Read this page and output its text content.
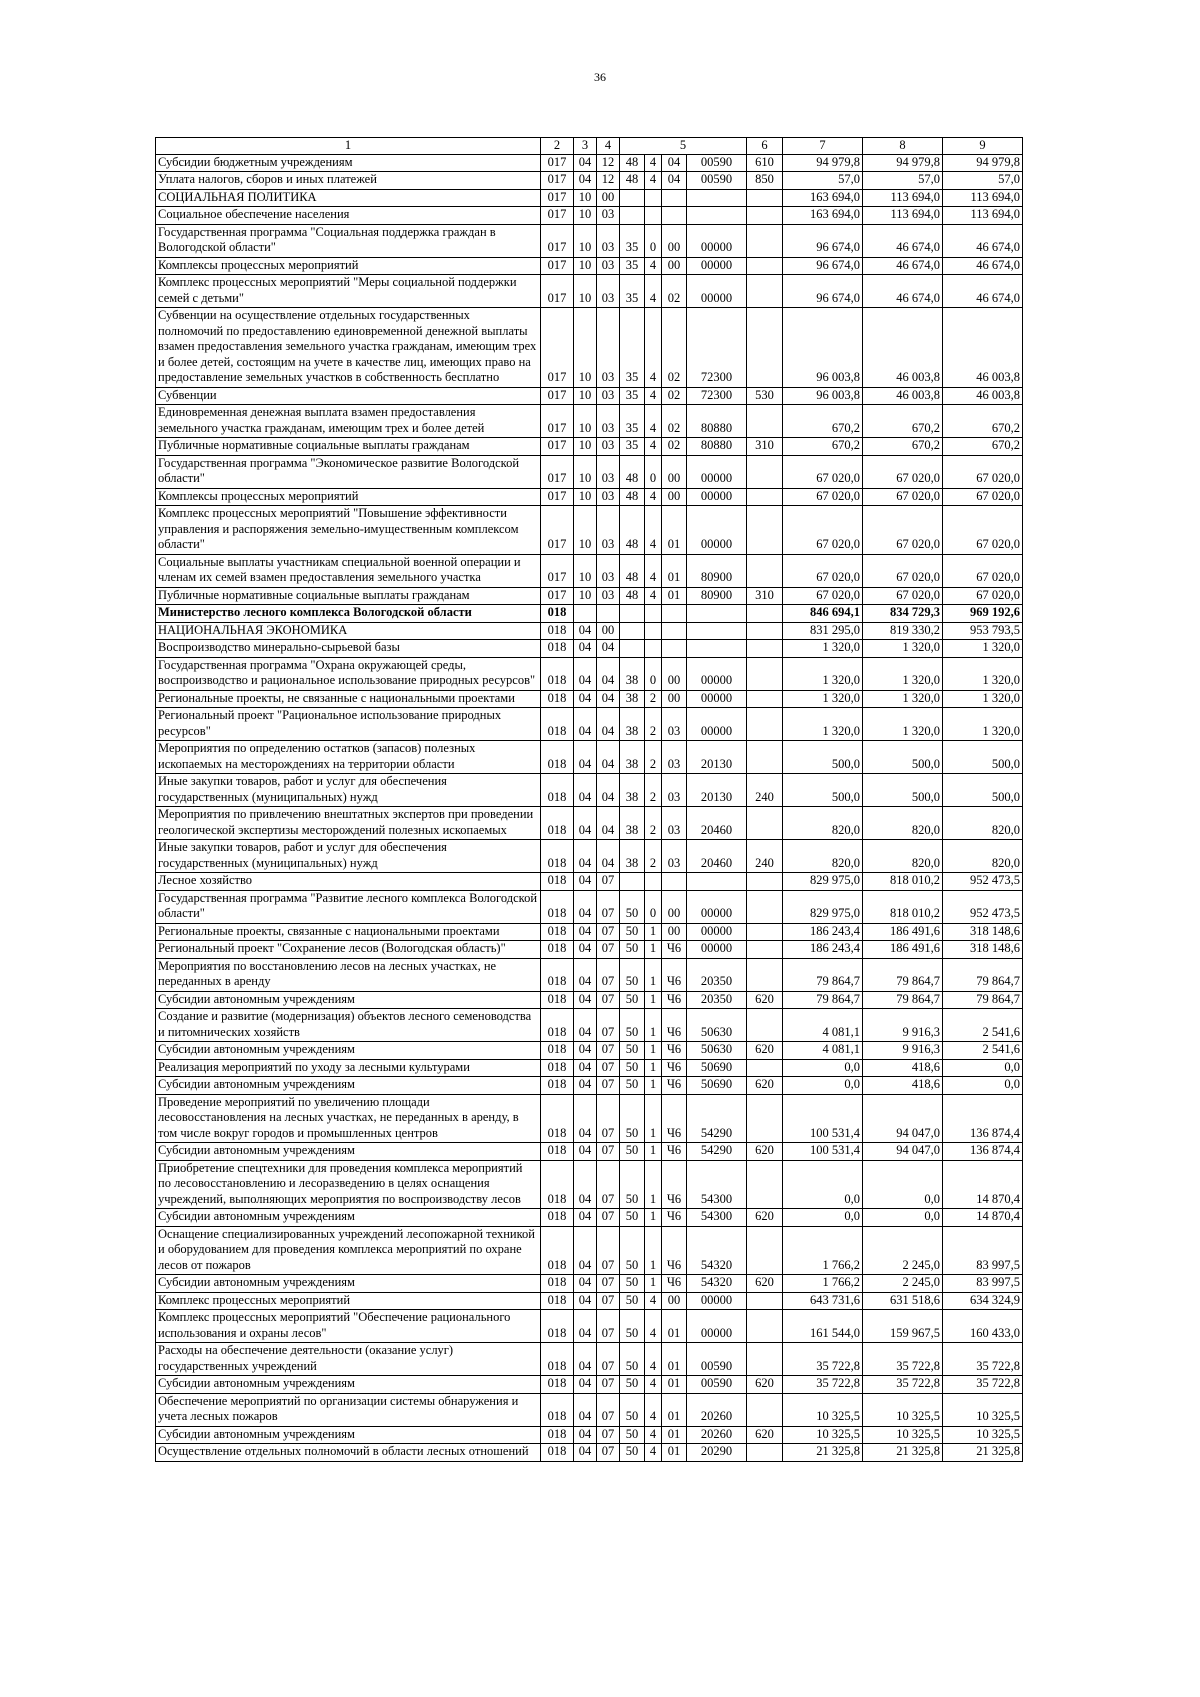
36
1	2	3	4	5				6	7	8	9
Субсидии бюджетным учреждениям	017	04	12	48	4	04	00590	610	94 979,8	94 979,8	94 979,8
Уплата налогов, сборов и иных платежей	017	04	12	48	4	04	00590	850	57,0	57,0	57,0
СОЦИАЛЬНАЯ ПОЛИТИКА	017	10	00						163 694,0	113 694,0	113 694,0
Социальное обеспечение населения	017	10	03						163 694,0	113 694,0	113 694,0
Государственная программа "Социальная поддержка граждан в Вологодской области"	017	10	03	35	0	00	00000		96 674,0	46 674,0	46 674,0
Комплексы процессных мероприятий	017	10	03	35	4	00	00000		96 674,0	46 674,0	46 674,0
Комплекс процессных мероприятий "Меры социальной поддержки семей с детьми"	017	10	03	35	4	02	00000		96 674,0	46 674,0	46 674,0
Субвенции на осуществление отдельных государственных полномочий по предоставлению единовременной денежной выплаты взамен предоставления земельного участка гражданам, имеющим трех и более детей, состоящим на учете в качестве лиц, имеющих право на предоставление земельных участков в собственность бесплатно	017	10	03	35	4	02	72300		96 003,8	46 003,8	46 003,8
Субвенции	017	10	03	35	4	02	72300	530	96 003,8	46 003,8	46 003,8
Единовременная денежная выплата взамен предоставления земельного участка гражданам, имеющим трех и более детей	017	10	03	35	4	02	80880		670,2	670,2	670,2
Публичные нормативные социальные выплаты гражданам	017	10	03	35	4	02	80880	310	670,2	670,2	670,2
Государственная программа "Экономическое развитие Вологодской области"	017	10	03	48	0	00	00000		67 020,0	67 020,0	67 020,0
Комплексы процессных мероприятий	017	10	03	48	4	00	00000		67 020,0	67 020,0	67 020,0
Комплекс процессных мероприятий "Повышение эффективности управления и распоряжения земельно-имущественным комплексом области"	017	10	03	48	4	01	00000		67 020,0	67 020,0	67 020,0
Социальные выплаты участникам специальной военной операции и членам их семей взамен предоставления земельного участка	017	10	03	48	4	01	80900		67 020,0	67 020,0	67 020,0
Публичные нормативные социальные выплаты гражданам	017	10	03	48	4	01	80900	310	67 020,0	67 020,0	67 020,0
Министерство лесного комплекса Вологодской области	018								846 694,1	834 729,3	969 192,6
НАЦИОНАЛЬНАЯ ЭКОНОМИКА	018	04	00						831 295,0	819 330,2	953 793,5
Воспроизводство минерально-сырьевой базы	018	04	04						1 320,0	1 320,0	1 320,0
Государственная программа "Охрана окружающей среды, воспроизводство и рациональное использование природных ресурсов"	018	04	04	38	0	00	00000		1 320,0	1 320,0	1 320,0
Региональные проекты, не связанные с национальными проектами	018	04	04	38	2	00	00000		1 320,0	1 320,0	1 320,0
Региональный проект "Рациональное использование природных ресурсов"	018	04	04	38	2	03	00000		1 320,0	1 320,0	1 320,0
Мероприятия по определению остатков (запасов) полезных ископаемых на месторождениях на территории области	018	04	04	38	2	03	20130		500,0	500,0	500,0
Иные закупки товаров, работ и услуг для обеспечения государственных (муниципальных) нужд	018	04	04	38	2	03	20130	240	500,0	500,0	500,0
Мероприятия по привлечению внештатных экспертов при проведении геологической экспертизы месторождений полезных ископаемых	018	04	04	38	2	03	20460		820,0	820,0	820,0
Иные закупки товаров, работ и услуг для обеспечения государственных (муниципальных) нужд	018	04	04	38	2	03	20460	240	820,0	820,0	820,0
Лесное хозяйство	018	04	07						829 975,0	818 010,2	952 473,5
Государственная программа "Развитие лесного комплекса Вологодской области"	018	04	07	50	0	00	00000		829 975,0	818 010,2	952 473,5
Региональные проекты, связанные с национальными проектами	018	04	07	50	1	00	00000		186 243,4	186 491,6	318 148,6
Региональный проект "Сохранение лесов (Вологодская область)"	018	04	07	50	1	Ч6	00000		186 243,4	186 491,6	318 148,6
Мероприятия по восстановлению лесов на лесных участках, не переданных в аренду	018	04	07	50	1	Ч6	20350		79 864,7	79 864,7	79 864,7
Субсидии автономным учреждениям	018	04	07	50	1	Ч6	20350	620	79 864,7	79 864,7	79 864,7
Создание и развитие (модернизация) объектов лесного семеноводства и питомнических хозяйств	018	04	07	50	1	Ч6	50630		4 081,1	9 916,3	2 541,6
Субсидии автономным учреждениям	018	04	07	50	1	Ч6	50630	620	4 081,1	9 916,3	2 541,6
Реализация мероприятий по уходу за лесными культурами	018	04	07	50	1	Ч6	50690		0,0	418,6	0,0
Субсидии автономным учреждениям	018	04	07	50	1	Ч6	50690	620	0,0	418,6	0,0
Проведение мероприятий по увеличению площади лесовосстановления на лесных участках, не переданных в аренду, в том числе вокруг городов и промышленных центров	018	04	07	50	1	Ч6	54290		100 531,4	94 047,0	136 874,4
Субсидии автономным учреждениям	018	04	07	50	1	Ч6	54290	620	100 531,4	94 047,0	136 874,4
Приобретение спецтехники для проведения комплекса мероприятий по лесовосстановлению и лесоразведению в целях оснащения учреждений, выполняющих мероприятия по воспроизводству лесов	018	04	07	50	1	Ч6	54300		0,0	0,0	14 870,4
Субсидии автономным учреждениям	018	04	07	50	1	Ч6	54300	620	0,0	0,0	14 870,4
Оснащение специализированных учреждений лесопожарной техникой и оборудованием для проведения комплекса мероприятий по охране лесов от пожаров	018	04	07	50	1	Ч6	54320		1 766,2	2 245,0	83 997,5
Субсидии автономным учреждениям	018	04	07	50	1	Ч6	54320	620	1 766,2	2 245,0	83 997,5
Комплекс процессных мероприятий	018	04	07	50	4	00	00000		643 731,6	631 518,6	634 324,9
Комплекс процессных мероприятий "Обеспечение рационального использования и охраны лесов"	018	04	07	50	4	01	00000		161 544,0	159 967,5	160 433,0
Расходы на обеспечение деятельности (оказание услуг) государственных учреждений	018	04	07	50	4	01	00590		35 722,8	35 722,8	35 722,8
Субсидии автономным учреждениям	018	04	07	50	4	01	00590	620	35 722,8	35 722,8	35 722,8
Обеспечение мероприятий по организации системы обнаружения и учета лесных пожаров	018	04	07	50	4	01	20260		10 325,5	10 325,5	10 325,5
Субсидии автономным учреждениям	018	04	07	50	4	01	20260	620	10 325,5	10 325,5	10 325,5
Осуществление отдельных полномочий в области лесных отношений	018	04	07	50	4	01	20290		21 325,8	21 325,8	21 325,8
